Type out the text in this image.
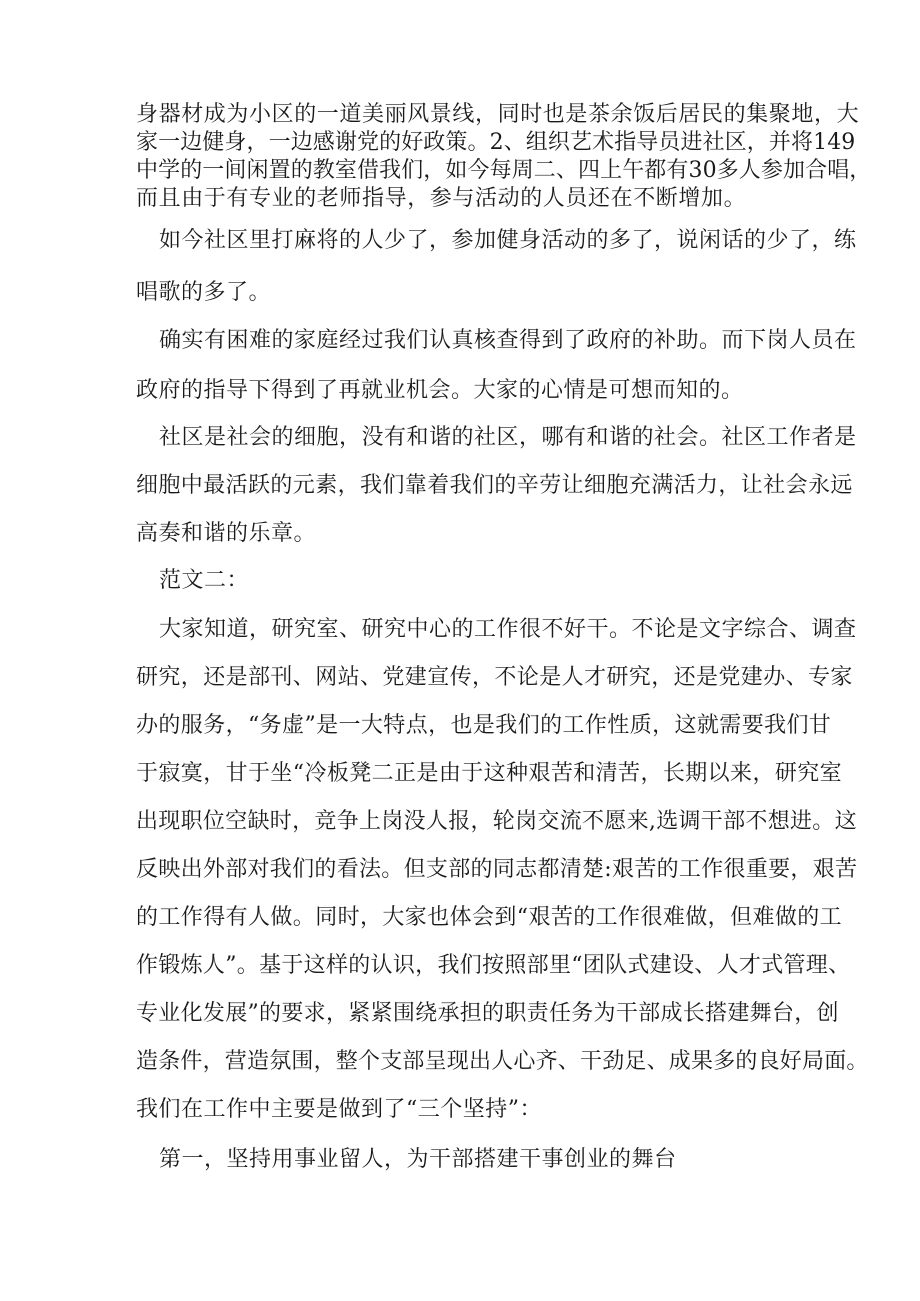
身器材成为小区的一道美丽风景线，同时也是茶余饭后居民的集聚地，大
家一边健身，一边感谢党的好政策。2、组织艺术指导员进社区，并将149
中学的一间闲置的教室借我们，如今每周二、四上午都有30多人参加合唱，
而且由于有专业的老师指导，参与活动的人员还在不断增加。
如今社区里打麻将的人少了，参加健身活动的多了，说闲话的少了，练
唱歌的多了。
确实有困难的家庭经过我们认真核查得到了政府的补助。而下岗人员在
政府的指导下得到了再就业机会。大家的心情是可想而知的。
社区是社会的细胞，没有和谐的社区，哪有和谐的社会。社区工作者是
细胞中最活跃的元素，我们靠着我们的辛劳让细胞充满活力，让社会永远
高奏和谐的乐章。
范文二：
大家知道，研究室、研究中心的工作很不好干。不论是文字综合、调查
研究，还是部刊、网站、党建宣传，不论是人才研究，还是党建办、专家
办的服务，“务虚”是一大特点，也是我们的工作性质，这就需要我们甘
于寂寞，甘于坐“冷板凳二正是由于这种艰苦和清苦，长期以来，研究室
出现职位空缺时，竞争上岗没人报，轮岗交流不愿来,选调干部不想进。这
反映出外部对我们的看法。但支部的同志都清楚:艰苦的工作很重要，艰苦
的工作得有人做。同时，大家也体会到“艰苦的工作很难做，但难做的工
作锻炼人”。基于这样的认识，我们按照部里“团队式建设、人才式管理、
专业化发展”的要求，紧紧围绕承担的职责任务为干部成长搭建舞台，创
造条件，营造氛围，整个支部呈现出人心齐、干劲足、成果多的良好局面。
我们在工作中主要是做到了“三个坚持”：
第一，坚持用事业留人，为干部搭建干事创业的舞台
